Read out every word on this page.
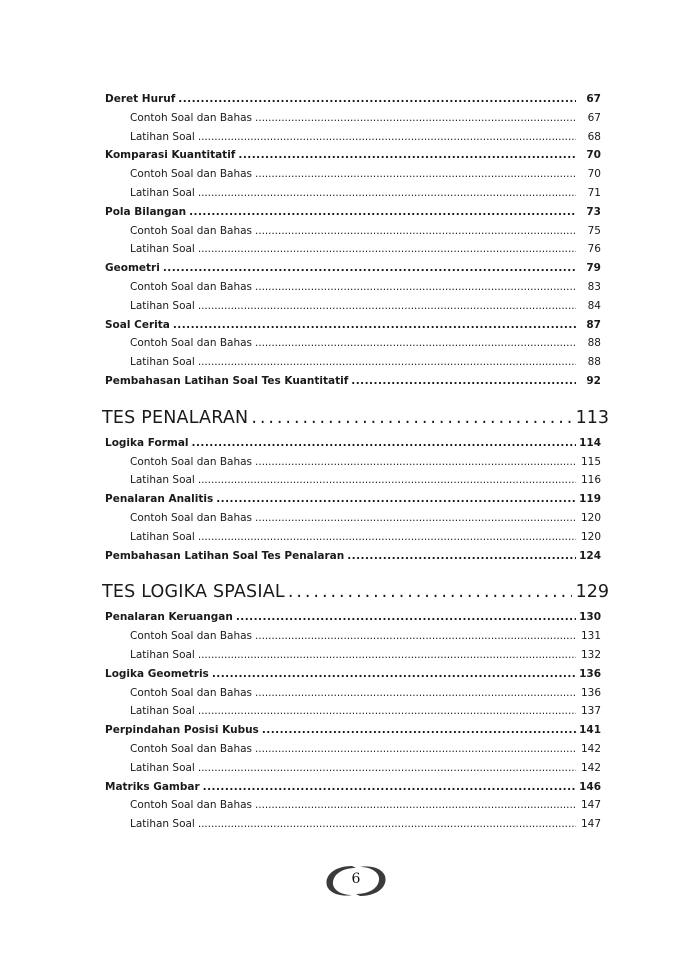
Deret Huruf . . .	67
Contoh Soal dan Bahas . . .	67
Latihan Soal . . .	68
Komparasi Kuantitatif . . .	70
Contoh Soal dan Bahas . . .	70
Latihan Soal . . .	71
Pola Bilangan . . .	73
Contoh Soal dan Bahas . . .	75
Latihan Soal . . .	76
Geometri . . .	79
Contoh Soal dan Bahas . . .	83
Latihan Soal . . .	84
Soal Cerita . . .	87
Contoh Soal dan Bahas . . .	88
Latihan Soal . . .	88
Pembahasan Latihan Soal Tes Kuantitatif . . .	92
TES PENALARAN . . .	113
Logika Formal . . .	114
Contoh Soal dan Bahas . . .	115
Latihan Soal . . .	116
Penalaran Analitis . . .	119
Contoh Soal dan Bahas . . .	120
Latihan Soal . . .	120
Pembahasan Latihan Soal Tes Penalaran . . .	124
TES LOGIKA SPASIAL . . .	129
Penalaran Keruangan . . .	130
Contoh Soal dan Bahas . . .	131
Latihan Soal . . .	132
Logika Geometris . . .	136
Contoh Soal dan Bahas . . .	136
Latihan Soal . . .	137
Perpindahan Posisi Kubus . . .	141
Contoh Soal dan Bahas . . .	142
Latihan Soal . . .	142
Matriks Gambar . . .	146
Contoh Soal dan Bahas . . .	147
Latihan Soal . . .	147
6
